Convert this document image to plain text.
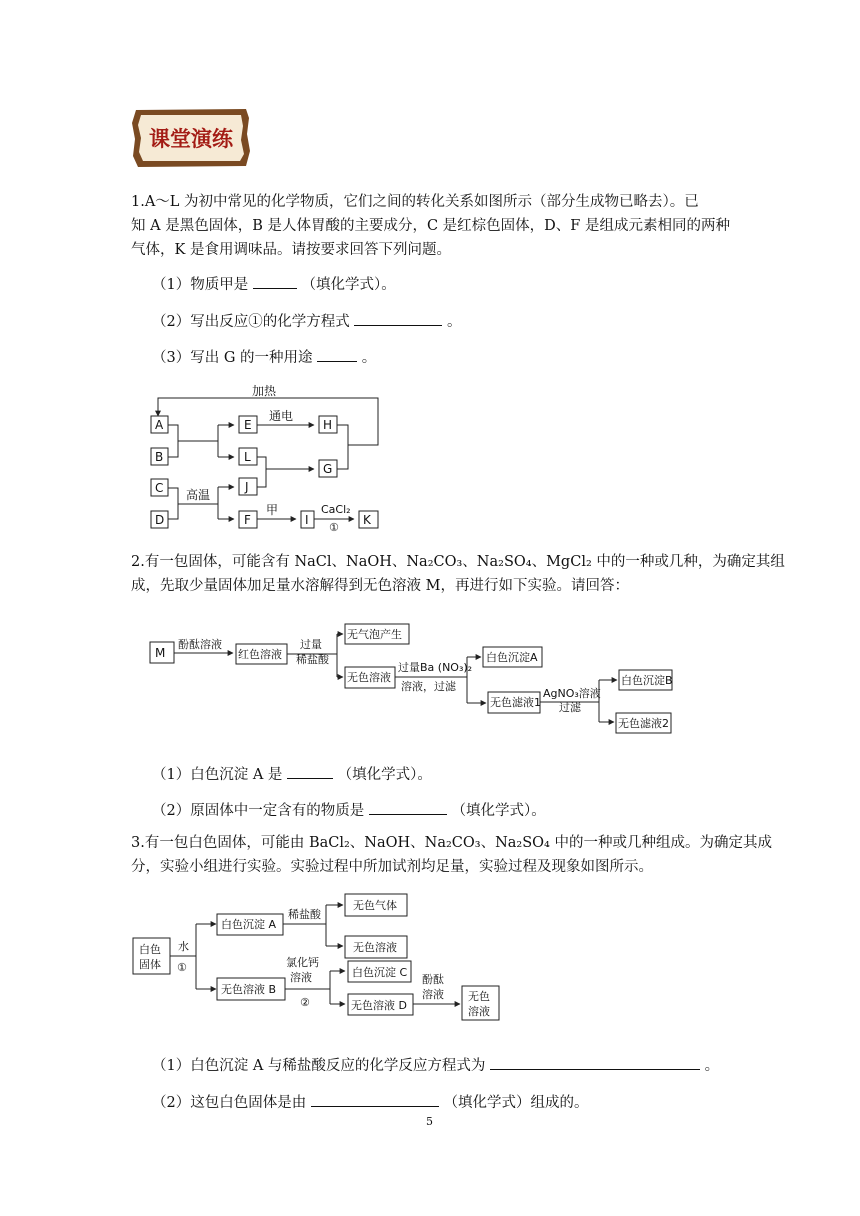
课堂演练
1.A～L 为初中常见的化学物质，它们之间的转化关系如图所示（部分生成物已略去）。已
知 A 是黑色固体，B 是人体胃酸的主要成分，C 是红棕色固体，D、F 是组成元素相同的两种
气体，K 是食用调味品。请按要求回答下列问题。
（1）物质甲是	（填化学式）。
（2）写出反应①的化学方程式	。
（3）写出 G 的一种用途	。
加热
通电
高温
甲	CaCl₂
①
A
B
C
D
E
L
J
F
H
G
I	K
2.有一包固体，可能含有 NaCl、NaOH、Na₂CO₃、Na₂SO₄、MgCl₂ 中的一种或几种，为确定其组
成，先取少量固体加足量水溶解得到无色溶液 M，再进行如下实验。请回答：
M
酚酞溶液
红色溶液
过量
稀盐酸
无气泡产生
无色溶液
过量Ba (NO₃)₂
溶液，过滤
白色沉淀A
无色滤液1
AgNO₃溶液
过滤
白色沉淀B
无色滤液2
（1）白色沉淀 A 是	（填化学式）。
（2）原固体中一定含有的物质是	（填化学式）。
3.有一包白色固体，可能由 BaCl₂、NaOH、Na₂CO₃、Na₂SO₄ 中的一种或几种组成。为确定其成
分，实验小组进行实验。实验过程中所加试剂均足量，实验过程及现象如图所示。
白色
固体
水
①
白色沉淀 A
稀盐酸
无色气体
无色溶液
无色溶液 B
氯化钙
溶液
②
白色沉淀 C
无色溶液 D
酚酞
溶液 无色
溶液
（1）白色沉淀 A 与稀盐酸反应的化学反应方程式为	。
（2）这包白色固体是由	（填化学式）组成的。
5
